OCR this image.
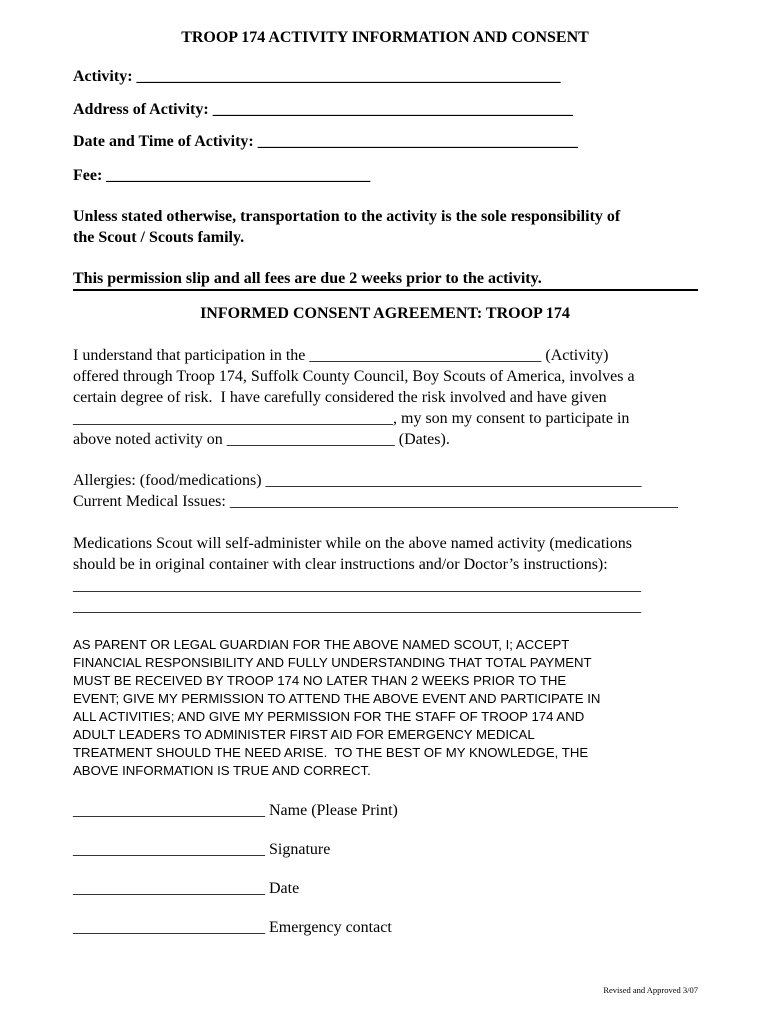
TROOP 174 ACTIVITY INFORMATION AND CONSENT
Activity: _____________________________________________________
Address of Activity: _____________________________________________
Date and Time of Activity: ________________________________________
Fee: _________________________________
Unless stated otherwise, transportation to the activity is the sole responsibility of
the Scout / Scouts family.
This permission slip and all fees are due 2 weeks prior to the activity.
INFORMED CONSENT AGREEMENT: TROOP 174
I understand that participation in the _____________________________ (Activity)
offered through Troop 174, Suffolk County Council, Boy Scouts of America, involves a
certain degree of risk.  I have carefully considered the risk involved and have given
________________________________________, my son my consent to participate in
above noted activity on _____________________ (Dates).
Allergies: (food/medications) _______________________________________________
Current Medical Issues: ________________________________________________________
Medications Scout will self-administer while on the above named activity (medications
should be in original container with clear instructions and/or Doctor’s instructions):
_______________________________________________________________________
_______________________________________________________________________
AS PARENT OR LEGAL GUARDIAN FOR THE ABOVE NAMED SCOUT, I; ACCEPT
FINANCIAL RESPONSIBILITY AND FULLY UNDERSTANDING THAT TOTAL PAYMENT
MUST BE RECEIVED BY TROOP 174 NO LATER THAN 2 WEEKS PRIOR TO THE
EVENT; GIVE MY PERMISSION TO ATTEND THE ABOVE EVENT AND PARTICIPATE IN
ALL ACTIVITIES; AND GIVE MY PERMISSION FOR THE STAFF OF TROOP 174 AND
ADULT LEADERS TO ADMINISTER FIRST AID FOR EMERGENCY MEDICAL
TREATMENT SHOULD THE NEED ARISE.  TO THE BEST OF MY KNOWLEDGE, THE
ABOVE INFORMATION IS TRUE AND CORRECT.
________________________ Name (Please Print)
________________________ Signature
________________________ Date
________________________ Emergency contact
Revised and Approved 3/07
